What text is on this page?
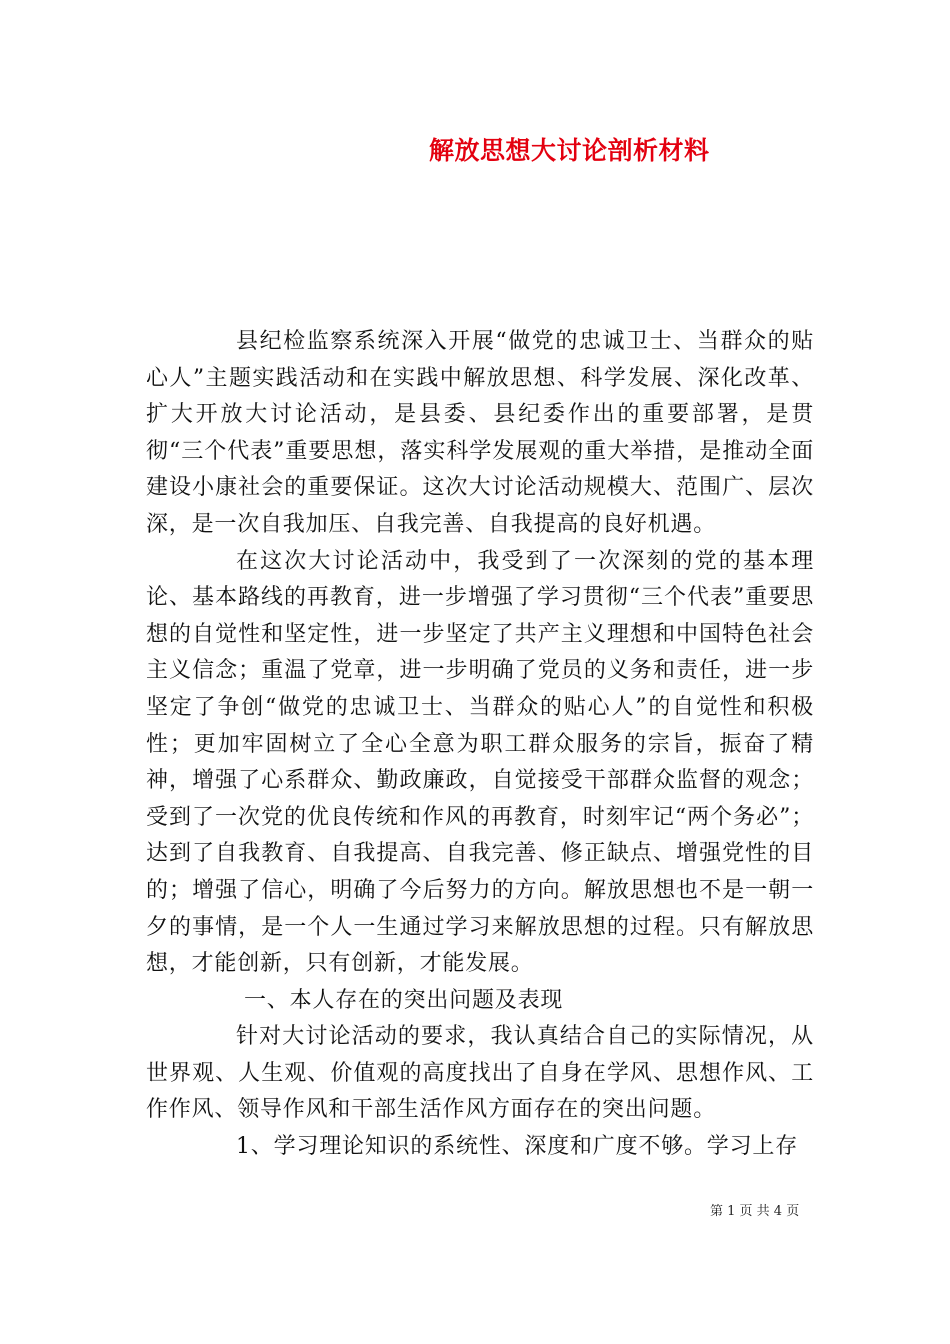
解放思想大讨论剖析材料

县纪检监察系统深入开展“做党的忠诚卫士、当群众的贴心人”主题实践活动和在实践中解放思想、科学发展、深化改革、扩大开放大讨论活动，是县委、县纪委作出的重要部署，是贯彻“三个代表”重要思想，落实科学发展观的重大举措，是推动全面建设小康社会的重要保证。这次大讨论活动规模大、范围广、层次深，是一次自我加压、自我完善、自我提高的良好机遇。

在这次大讨论活动中，我受到了一次深刻的党的基本理论、基本路线的再教育，进一步增强了学习贯彻“三个代表”重要思想的自觉性和坚定性，进一步坚定了共产主义理想和中国特色社会主义信念；重温了党章，进一步明确了党员的义务和责任，进一步坚定了争创“做党的忠诚卫士、当群众的贴心人”的自觉性和积极性；更加牢固树立了全心全意为职工群众服务的宗旨，振奋了精神，增强了心系群众、勤政廉政，自觉接受干部群众监督的观念；受到了一次党的优良传统和作风的再教育，时刻牢记“两个务必”；达到了自我教育、自我提高、自我完善、修正缺点、增强党性的目的；增强了信心，明确了今后努力的方向。解放思想也不是一朝一夕的事情，是一个人一生通过学习来解放思想的过程。只有解放思想，才能创新，只有创新，才能发展。

一、本人存在的突出问题及表现

针对大讨论活动的要求，我认真结合自己的实际情况，从世界观、人生观、价值观的高度找出了自身在学风、思想作风、工作作风、领导作风和干部生活作风方面存在的突出问题。

1、学习理论知识的系统性、深度和广度不够。学习上存

第 1 页 共 4 页
